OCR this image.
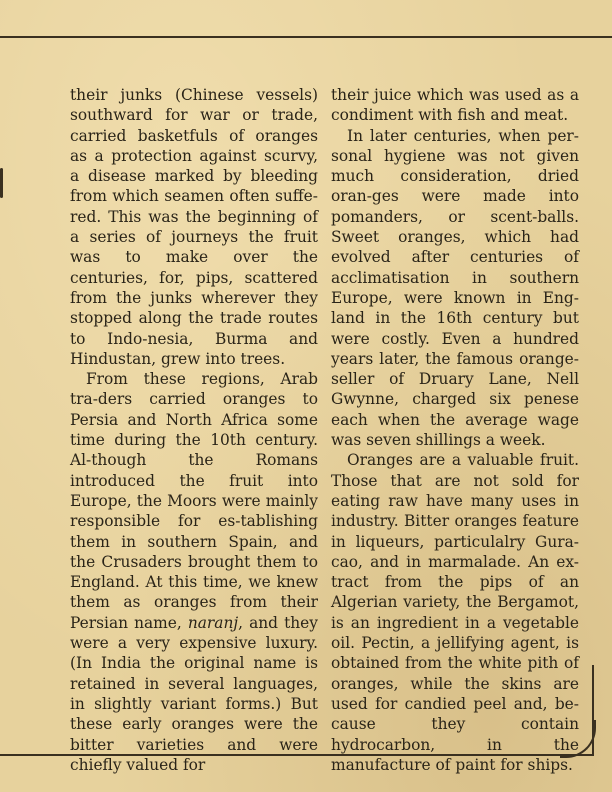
their junks (Chinese vessels) southward for war or trade, carried basketfuls of oranges as a protection against scurvy, a disease marked by bleeding from which seamen often suffe-red. This was the beginning of a series of journeys the fruit was to make over the centuries, for, pips, scattered from the junks wherever they stopped along the trade routes to Indo-nesia, Burma and Hindustan, grew into trees.

From these regions, Arab tra-ders carried oranges to Persia and North Africa some time during the 10th century. Al-though the Romans introduced the fruit into Europe, the Moors were mainly responsible for es-tablishing them in southern Spain, and the Crusaders brought them to England. At this time, we knew them as oranges from their Persian name, naranj, and they were a very expensive luxury. (In India the original name is retained in several languages, in slightly variant forms.) But these early oranges were the bitter varieties and were chiefly valued for

their juice which was used as a condiment with fish and meat.

In later centuries, when per-sonal hygiene was not given much consideration, dried oran-ges were made into pomanders, or scent-balls. Sweet oranges, which had evolved after centuries of acclimatisation in southern Europe, were known in Eng-land in the 16th century but were costly. Even a hundred years later, the famous orange-seller of Druary Lane, Nell Gwynne, charged six penese each when the average wage was seven shillings a week.

Oranges are a valuable fruit. Those that are not sold for eating raw have many uses in industry. Bitter oranges feature in liqueurs, particulalry Gura-cao, and in marmalade. An ex-tract from the pips of an Algerian variety, the Bergamot, is an ingredient in a vegetable oil. Pectin, a jellifying agent, is obtained from the white pith of oranges, while the skins are used for candied peel and, be-cause they contain hydrocarbon, in the manufacture of paint for ships.
